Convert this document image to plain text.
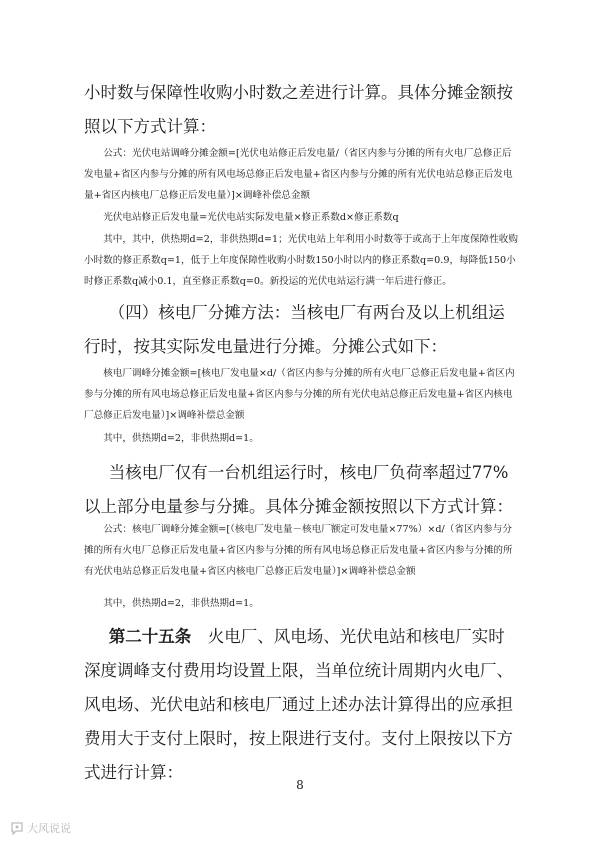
小时数与保障性收购小时数之差进行计算。具体分摊金额按照以下方式计算：

公式：光伏电站调峰分摊金额=[光伏电站修正后发电量/（省区内参与分摊的所有火电厂总修正后发电量+省区内参与分摊的所有风电场总修正后发电量+省区内参与分摊的所有光伏电站总修正后发电量+省区内核电厂总修正后发电量）]×调峰补偿总金额

光伏电站修正后发电量=光伏电站实际发电量×修正系数d×修正系数q

其中，其中，供热期d=2，非供热期d=1；光伏电站上年利用小时数等于或高于上年度保障性收购小时数的修正系数q=1，低于上年度保障性收购小时数150小时以内的修正系数q=0.9，每降低150小时修正系数q减小0.1，直至修正系数q=0。新投运的光伏电站运行满一年后进行修正。

（四）核电厂分摊方法：当核电厂有两台及以上机组运行时，按其实际发电量进行分摊。分摊公式如下：

核电厂调峰分摊金额=[核电厂发电量×d/（省区内参与分摊的所有火电厂总修正后发电量+省区内参与分摊的所有风电场总修正后发电量+省区内参与分摊的所有光伏电站总修正后发电量+省区内核电厂总修正后发电量）]×调峰补偿总金额

其中，供热期d=2，非供热期d=1。

当核电厂仅有一台机组运行时，核电厂负荷率超过77%以上部分电量参与分摊。具体分摊金额按照以下方式计算：

公式：核电厂调峰分摊金额=[（核电厂发电量－核电厂额定可发电量×77%）×d/（省区内参与分摊的所有火电厂总修正后发电量+省区内参与分摊的所有风电场总修正后发电量+省区内参与分摊的所有光伏电站总修正后发电量+省区内核电厂总修正后发电量）]×调峰补偿总金额

其中，供热期d=2，非供热期d=1。

第二十五条　火电厂、风电场、光伏电站和核电厂实时深度调峰支付费用均设置上限，当单位统计周期内火电厂、风电场、光伏电站和核电厂通过上述办法计算得出的应承担费用大于支付上限时，按上限进行支付。支付上限按以下方式进行计算：

8
大风说说
